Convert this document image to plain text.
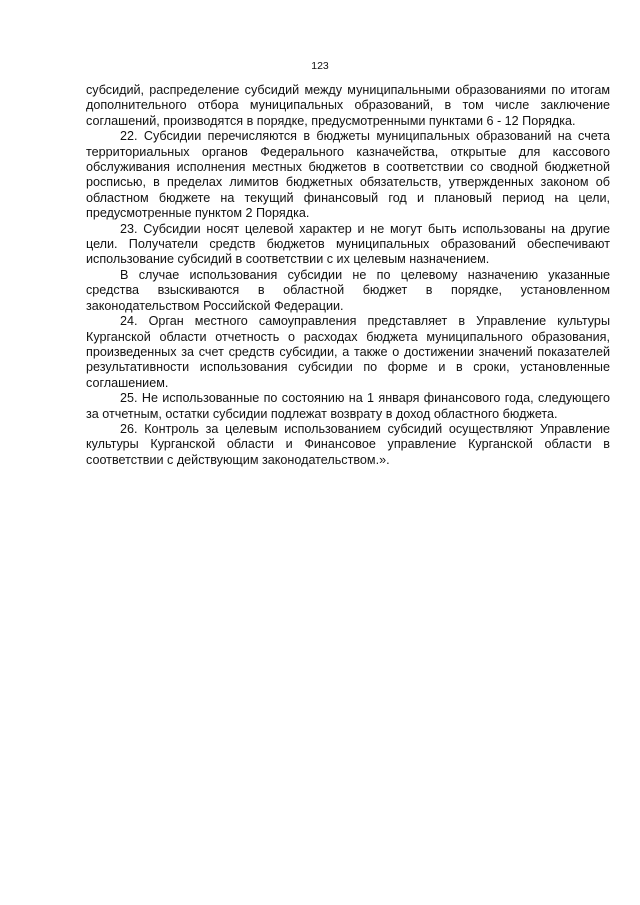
123

субсидий, распределение субсидий между муниципальными образованиями по итогам дополнительного отбора муниципальных образований, в том числе заключение соглашений, производятся в порядке, предусмотренными пунктами 6 - 12 Порядка.

22. Субсидии перечисляются в бюджеты муниципальных образований на счета территориальных органов Федерального казначейства, открытые для кассового обслуживания исполнения местных бюджетов в соответствии со сводной бюджетной росписью, в пределах лимитов бюджетных обязательств, утвержденных законом об областном бюджете на текущий финансовый год и плановый период на цели, предусмотренные пунктом 2 Порядка.

23. Субсидии носят целевой характер и не могут быть использованы на другие цели. Получатели средств бюджетов муниципальных образований обеспечивают использование субсидий в соответствии с их целевым назначением.

В случае использования субсидии не по целевому назначению указанные средства взыскиваются в областной бюджет в порядке, установленном законодательством Российской Федерации.

24. Орган местного самоуправления представляет в Управление культуры Курганской области отчетность о расходах бюджета муниципального образования, произведенных за счет средств субсидии, а также о достижении значений показателей результативности использования субсидии по форме и в сроки, установленные соглашением.

25. Не использованные по состоянию на 1 января финансового года, следующего за отчетным, остатки субсидии подлежат возврату в доход областного бюджета.

26. Контроль за целевым использованием субсидий осуществляют Управление культуры Курганской области и Финансовое управление Курганской области в соответствии с действующим законодательством.».
